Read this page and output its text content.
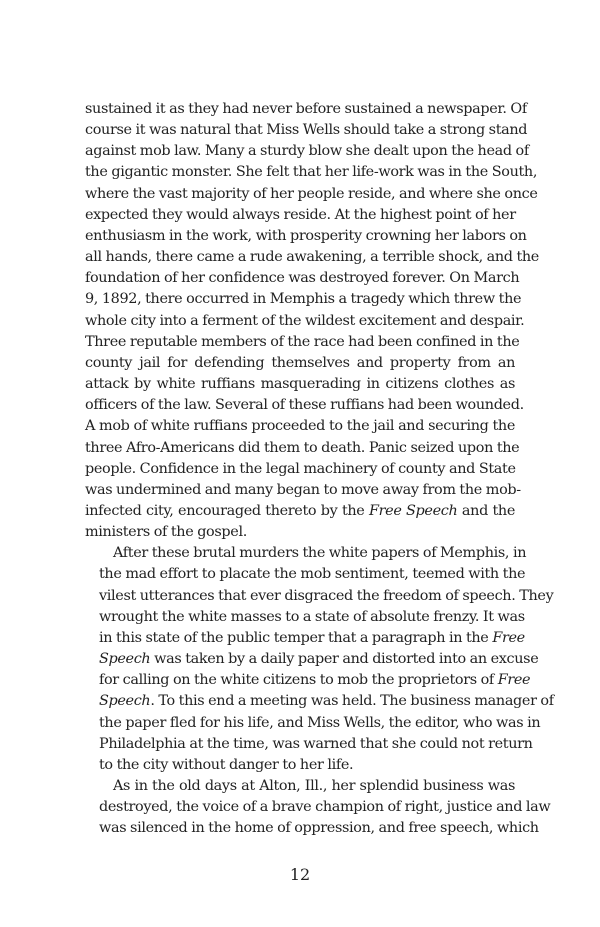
sustained it as they had never before sustained a newspaper. Of
course it was natural that Miss Wells should take a strong stand
against mob law. Many a sturdy blow she dealt upon the head of
the gigantic monster. She felt that her life-work was in the South,
where the vast majority of her people reside, and where she once
expected they would always reside. At the highest point of her
enthusiasm in the work, with prosperity crowning her labors on
all hands, there came a rude awakening, a terrible shock, and the
foundation of her confidence was destroyed forever. On March
9, 1892, there occurred in Memphis a tragedy which threw the
whole city into a ferment of the wildest excitement and despair.
Three reputable members of the race had been confined in the
county jail for defending themselves and property from an
attack by white ruffians masquerading in citizens clothes as
officers of the law. Several of these ruffians had been wounded.
A mob of white ruffians proceeded to the jail and securing the
three Afro-Americans did them to death. Panic seized upon the
people. Confidence in the legal machinery of county and State
was undermined and many began to move away from the mob-
infected city, encouraged thereto by the Free Speech and the
ministers of the gospel.
After these brutal murders the white papers of Memphis, in
the mad effort to placate the mob sentiment, teemed with the
vilest utterances that ever disgraced the freedom of speech. They
wrought the white masses to a state of absolute frenzy. It was
in this state of the public temper that a paragraph in the Free
Speech was taken by a daily paper and distorted into an excuse
for calling on the white citizens to mob the proprietors of Free
Speech. To this end a meeting was held. The business manager of
the paper fled for his life, and Miss Wells, the editor, who was in
Philadelphia at the time, was warned that she could not return
to the city without danger to her life.
As in the old days at Alton, Ill., her splendid business was
destroyed, the voice of a brave champion of right, justice and law
was silenced in the home of oppression, and free speech, which
12
